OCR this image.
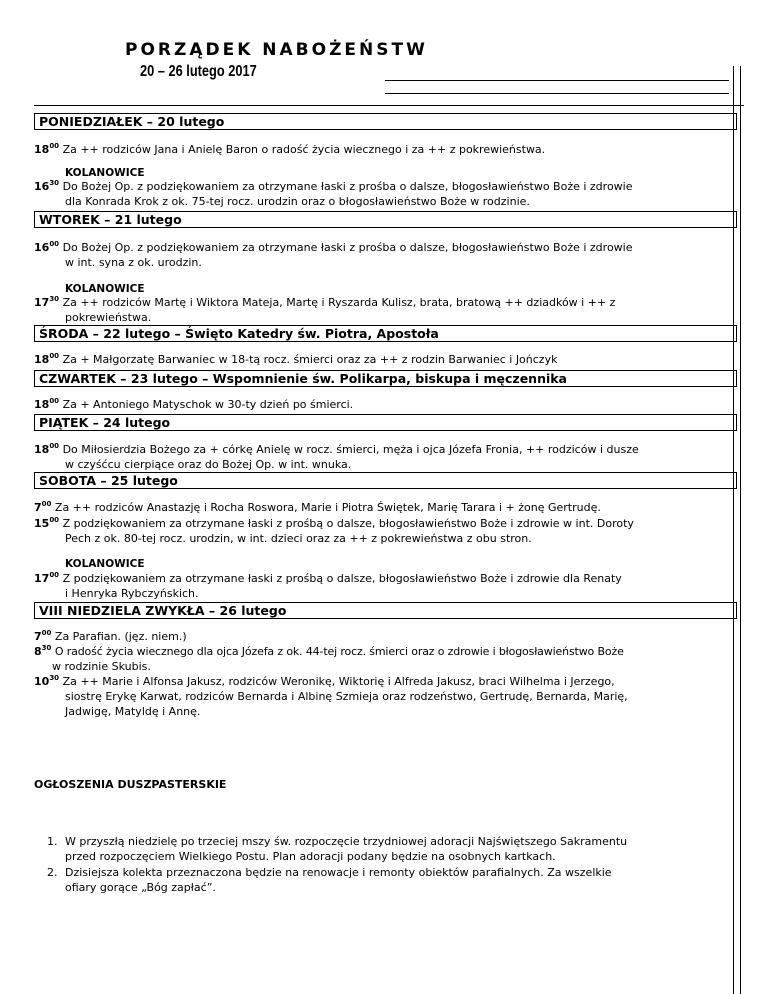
PORZĄDEK NABOŻEŃSTW
20 – 26 lutego 2017
PONIEDZIAŁEK – 20 lutego
$18^{00}$ Za ++ rodziców Jana i Anielę Baron o radość życia wiecznego i za ++ z pokrewieństwa.
KOLANOWICE
$16^{30}$ Do Bożej Op. z podziękowaniem za otrzymane łaski z prośba o dalsze, błogosławieństwo Boże i zdrowie
dla Konrada Krok z ok. 75-tej rocz. urodzin oraz o błogosławieństwo Boże w rodzinie.
WTOREK – 21 lutego
$16^{00}$ Do Bożej Op. z podziękowaniem za otrzymane łaski z prośba o dalsze, błogosławieństwo Boże i zdrowie
w int. syna z ok. urodzin.
KOLANOWICE
$17^{30}$ Za ++ rodziców Martę i Wiktora Mateja, Martę i Ryszarda Kulisz, brata, bratową ++ dziadków i ++ z
pokrewieństwa.
ŚRODA – 22 lutego – Święto Katedry św. Piotra, Apostoła
$18^{00}$ Za + Małgorzatę Barwaniec w 18-tą rocz. śmierci oraz za ++ z rodzin Barwaniec i Jończyk
CZWARTEK – 23 lutego – Wspomnienie św. Polikarpa, biskupa i męczennika
$18^{00}$ Za + Antoniego Matyschok w 30-ty dzień po śmierci.
PIĄTEK – 24 lutego
$18^{00}$ Do Miłosierdzia Bożego za + córkę Anielę w rocz. śmierci, męża i ojca Józefa Fronia, ++ rodziców i dusze
w czyśćcu cierpiące oraz do Bożej Op. w int. wnuka.
SOBOTA – 25 lutego
$7^{00}$ Za ++ rodziców Anastazję i Rocha Roswora, Marie i Piotra Świętek, Marię Tarara i + żonę Gertrudę.
$15^{00}$ Z podziękowaniem za otrzymane łaski z prośbą o dalsze, błogosławieństwo Boże i zdrowie w int. Doroty
Pech z ok. 80-tej rocz. urodzin, w int. dzieci oraz za ++ z pokrewieństwa z obu stron.
KOLANOWICE
$17^{00}$ Z podziękowaniem za otrzymane łaski z prośbą o dalsze, błogosławieństwo Boże i zdrowie dla Renaty
i Henryka Rybczyńskich.
VIII NIEDZIELA ZWYKŁA – 26 lutego
$7^{00}$ Za Parafian. (jęz. niem.)
$8^{30}$ O radość życia wiecznego dla ojca Józefa z ok. 44-tej rocz. śmierci oraz o zdrowie i błogosławieństwo Boże
w rodzinie Skubis.
$10^{30}$ Za ++ Marie i Alfonsa Jakusz, rodziców Weronikę, Wiktorię i Alfreda Jakusz, braci Wilhelma i Jerzego,
siostrę Erykę Karwat, rodziców Bernarda i Albinę Szmieja oraz rodzeństwo, Gertrudę, Bernarda, Marię,
Jadwigę, Matyldę i Annę.
OGŁOSZENIA DUSZPASTERSKIE
1. W przyszłą niedzielę po trzeciej mszy św. rozpoczęcie trzydniowej adoracji Najświętszego Sakramentu
przed rozpoczęciem Wielkiego Postu. Plan adoracji podany będzie na osobnych kartkach.
2. Dzisiejsza kolekta przeznaczona będzie na renowacje i remonty obiektów parafialnych. Za wszelkie
ofiary gorące „Bóg zapłać”.
